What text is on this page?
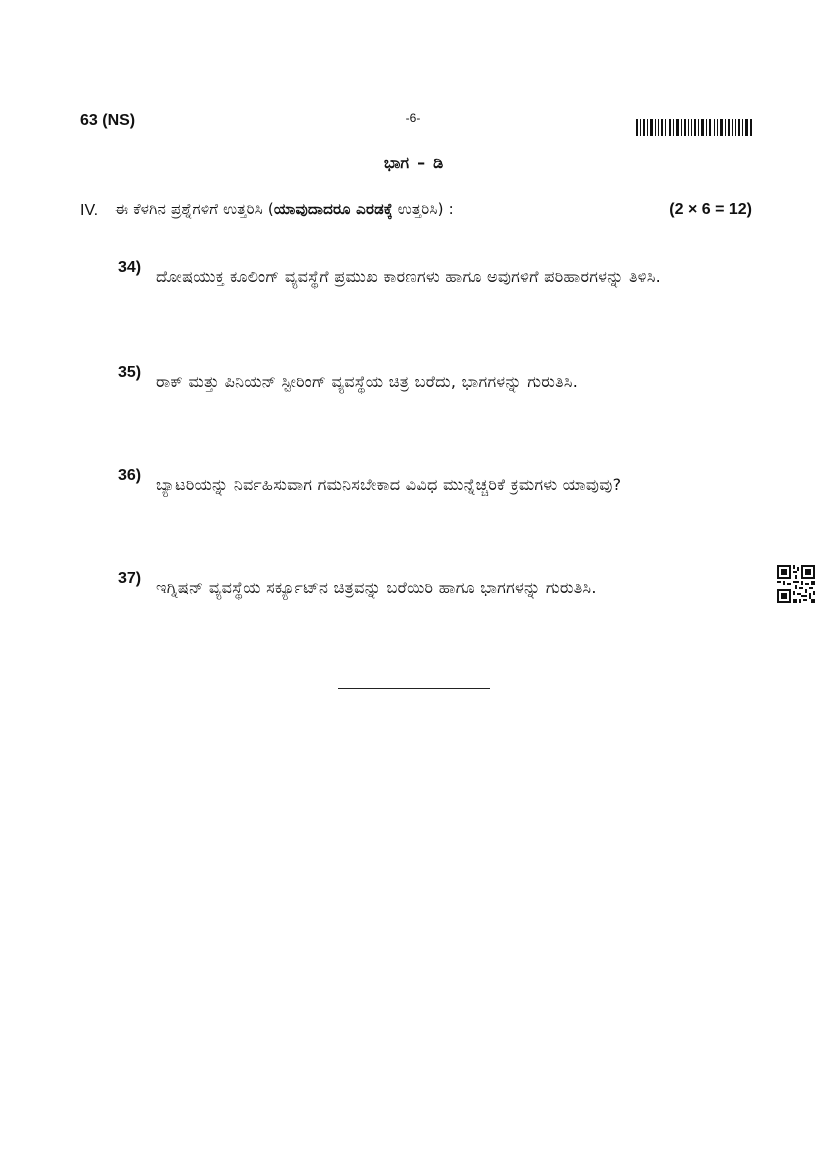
63 (NS)	-6-
ಭಾಗ – ಡಿ
IV. ಈ ಕೆಳಗಿನ ಪ್ರಶ್ನೆಗಳಿಗೆ ಉತ್ತರಿಸಿ (ಯಾವುದಾದರೂ ಎರಡಕ್ಕೆ ಉತ್ತರಿಸಿ) :	(2 × 6 = 12)
34) ದೋಷಯುಕ್ತ ಕೂಲಿಂಗ್ ವ್ಯವಸ್ಥೆಗೆ ಪ್ರಮುಖ ಕಾರಣಗಳು ಹಾಗೂ ಅವುಗಳಿಗೆ ಪರಿಹಾರಗಳನ್ನು ತಿಳಿಸಿ.
35) ರಾಕ್ ಮತ್ತು ಪಿನಿಯನ್ ಸ್ಟೀರಿಂಗ್ ವ್ಯವಸ್ಥೆಯ ಚಿತ್ರ ಬರೆದು, ಭಾಗಗಳನ್ನು ಗುರುತಿಸಿ.
36) ಬ್ಯಾಟರಿಯನ್ನು ನಿರ್ವಹಿಸುವಾಗ ಗಮನಿಸಬೇಕಾದ ವಿವಿಧ ಮುನ್ನೆಚ್ಚರಿಕೆ ಕ್ರಮಗಳು ಯಾವುವು?
37) ಇಗ್ನಿಷನ್ ವ್ಯವಸ್ಥೆಯ ಸರ್ಕ್ಯೂಟ್‌ನ ಚಿತ್ರವನ್ನು ಬರೆಯಿರಿ ಹಾಗೂ ಭಾಗಗಳನ್ನು ಗುರುತಿಸಿ.
